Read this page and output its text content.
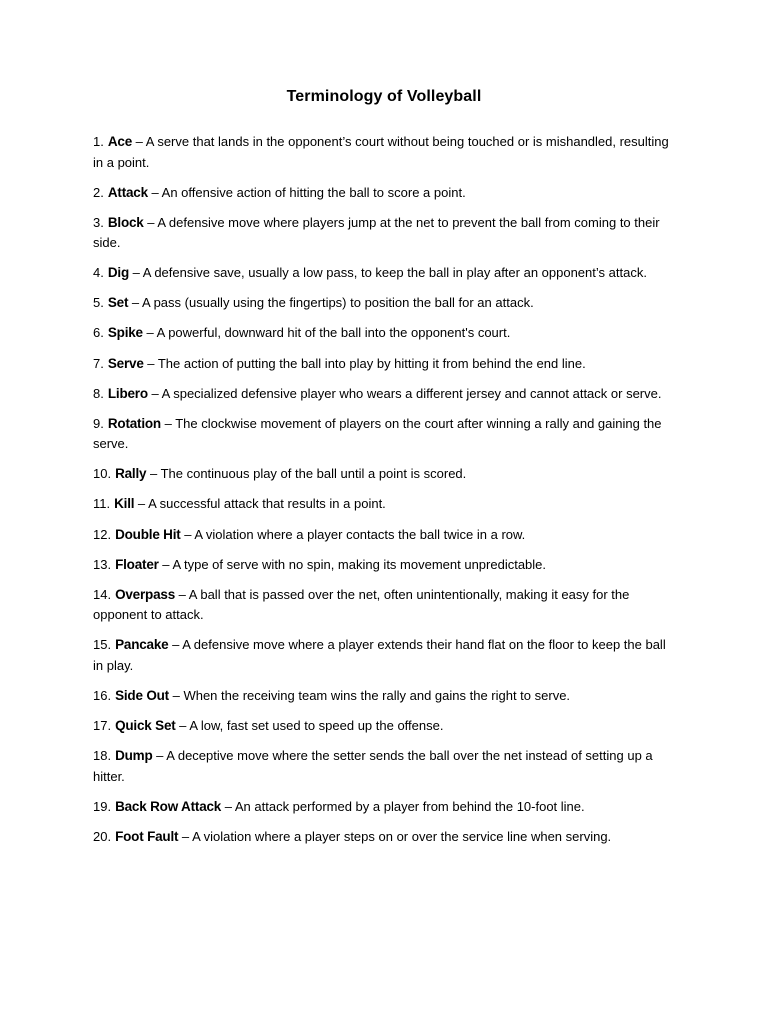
Terminology of Volleyball
1. Ace – A serve that lands in the opponent’s court without being touched or is mishandled, resulting in a point.
2. Attack – An offensive action of hitting the ball to score a point.
3. Block – A defensive move where players jump at the net to prevent the ball from coming to their side.
4. Dig – A defensive save, usually a low pass, to keep the ball in play after an opponent’s attack.
5. Set – A pass (usually using the fingertips) to position the ball for an attack.
6. Spike – A powerful, downward hit of the ball into the opponent's court.
7. Serve – The action of putting the ball into play by hitting it from behind the end line.
8. Libero – A specialized defensive player who wears a different jersey and cannot attack or serve.
9. Rotation – The clockwise movement of players on the court after winning a rally and gaining the serve.
10. Rally – The continuous play of the ball until a point is scored.
11. Kill – A successful attack that results in a point.
12. Double Hit – A violation where a player contacts the ball twice in a row.
13. Floater – A type of serve with no spin, making its movement unpredictable.
14. Overpass – A ball that is passed over the net, often unintentionally, making it easy for the opponent to attack.
15. Pancake – A defensive move where a player extends their hand flat on the floor to keep the ball in play.
16. Side Out – When the receiving team wins the rally and gains the right to serve.
17. Quick Set – A low, fast set used to speed up the offense.
18. Dump – A deceptive move where the setter sends the ball over the net instead of setting up a hitter.
19. Back Row Attack – An attack performed by a player from behind the 10-foot line.
20. Foot Fault – A violation where a player steps on or over the service line when serving.
